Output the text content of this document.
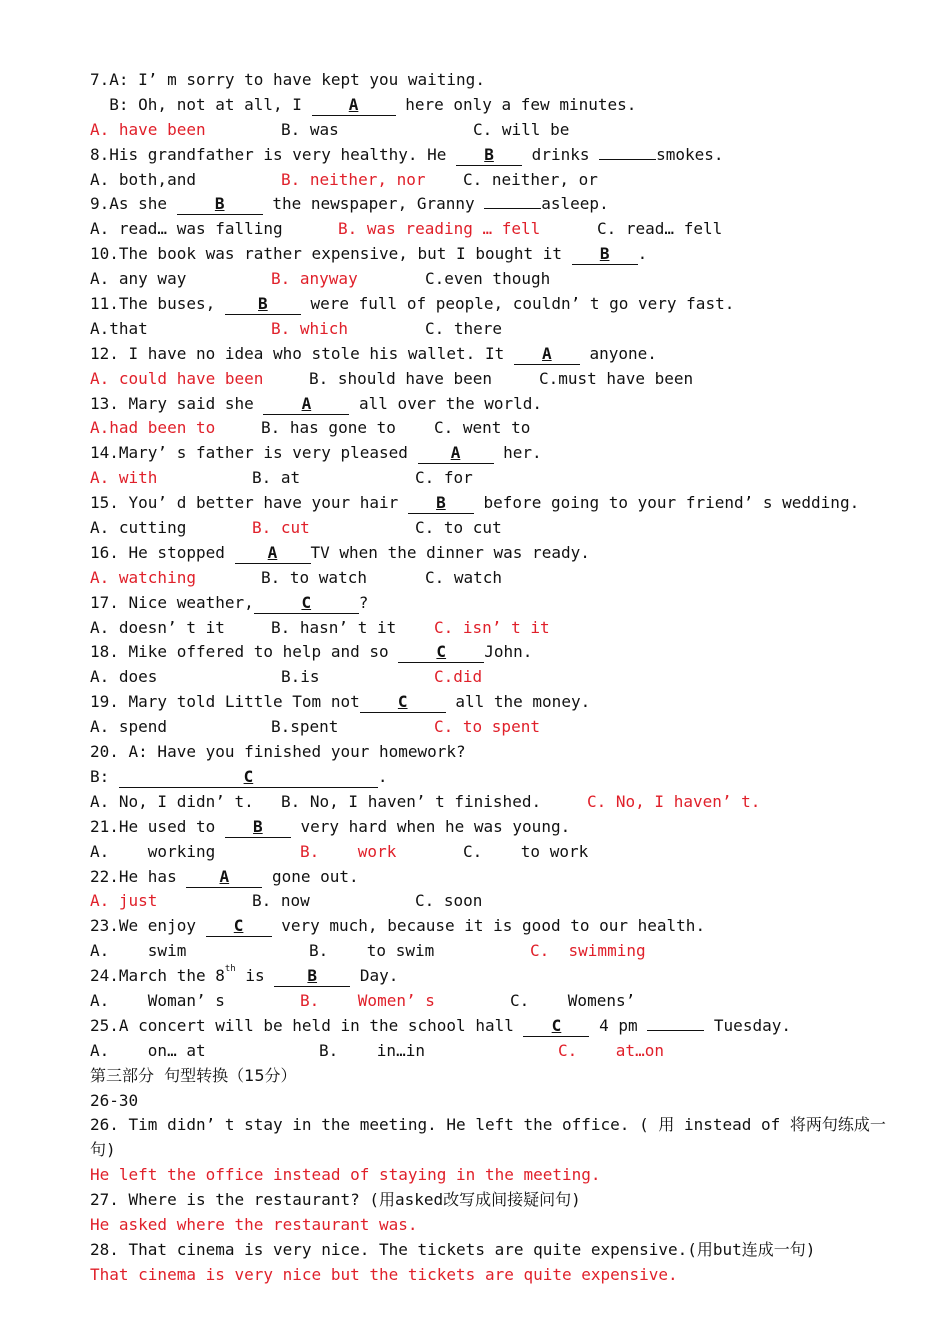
7.A: I’ m sorry to have kept you waiting.
B: Oh, not at all, I A here only a few minutes.
A. have been	B. was	C. will be
8.His grandfather is very healthy. He B drinks	smokes.
A. both,and	B. neither, nor C. neither, or
9.As she B the newspaper, Granny	asleep.
A. read… was falling	B. was reading … fell	C. read… fell
10.The book was rather expensive, but I bought it B .
A. any way	B. anyway	C.even though
11.The buses, B were full of people, couldn’ t go very fast.
A.that	B. which	C. there
12. I have no idea who stole his wallet. It A anyone.
A. could have been	B. should have been	C.must have been
13. Mary said she A all over the world.
A.had been to	B. has gone to C. went to
14.Mary’ s father is very pleased A her.
A. with	B. at	C. for
15. You’ d better have your hair B before going to your friend’ s wedding.
A. cutting	B. cut	C. to cut
16. He stopped A TV when the dinner was ready.
A. watching	B. to watch	C. watch
17. Nice weather,	C	?
A. doesn’ t it	B. hasn’ t it C. isn’ t it
18. Mike offered to help and so C John.
A. does	B.is	C.did
19. Mary told Little Tom not C all the money.
A. spend	B.spent	C. to spent
20. A: Have you finished your homework?
B:	C	.
A. No, I didn’ t. B. No, I haven’ t finished.	C. No, I haven’ t.
21.He used to B very hard when he was young.
A.    working	B.    work	C.    to work
22.He has A gone out.
A. just	B. now	C. soon
23.We enjoy C very much, because it is good to our health.
A.    swim	B.    to swim	C.  swimming
24.March the 8th is B Day.
A.    Woman’ s	B.    Women’ s	C.    Womens’
25.A concert will be held in the school hall C 4 pm	Tuesday.
A.    on… at	B.    in…in	C.    at…on
第三部分  句型转换（15分）
26-30
26. Tim didn’ t stay in the meeting. He left the office. ( 用 instead of 将两句练成一句)
He left the office instead of staying in the meeting.
27. Where is the restaurant? (用asked改写成间接疑问句)
He asked where the restaurant was.
28. That cinema is very nice. The tickets are quite expensive.(用but连成一句)
That cinema is very nice but the tickets are quite expensive.
